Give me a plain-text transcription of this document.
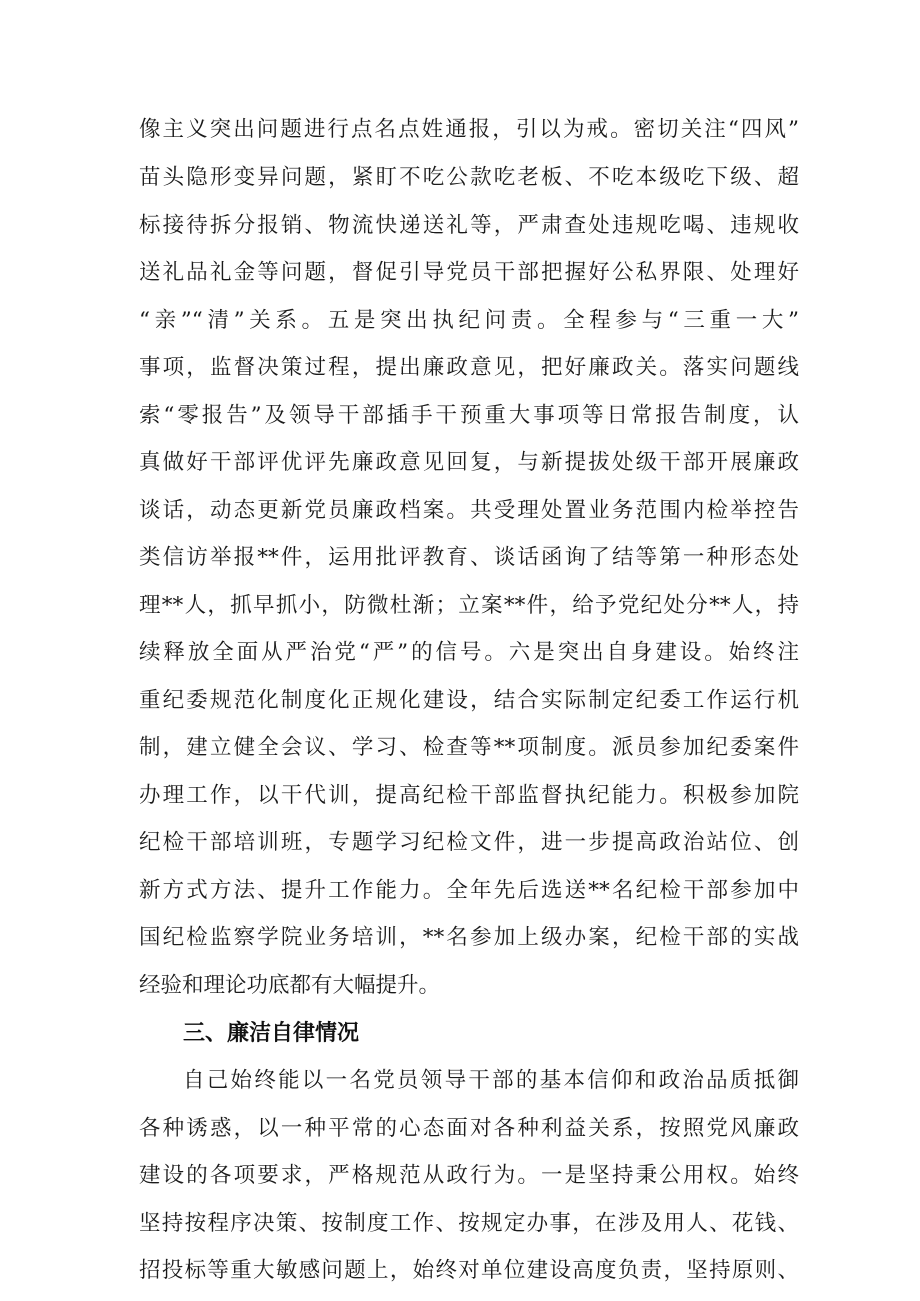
像主义突出问题进行点名点姓通报，引以为戒。密切关注“四风”
苗头隐形变异问题，紧盯不吃公款吃老板、不吃本级吃下级、超
标接待拆分报销、物流快递送礼等，严肃查处违规吃喝、违规收
送礼品礼金等问题，督促引导党员干部把握好公私界限、处理好
“亲”“清”关系。五是突出执纪问责。全程参与“三重一大”
事项，监督决策过程，提出廉政意见，把好廉政关。落实问题线
索“零报告”及领导干部插手干预重大事项等日常报告制度，认
真做好干部评优评先廉政意见回复，与新提拔处级干部开展廉政
谈话，动态更新党员廉政档案。共受理处置业务范围内检举控告
类信访举报**件，运用批评教育、谈话函询了结等第一种形态处
理**人，抓早抓小，防微杜渐；立案**件，给予党纪处分**人，持
续释放全面从严治党“严”的信号。六是突出自身建设。始终注
重纪委规范化制度化正规化建设，结合实际制定纪委工作运行机
制，建立健全会议、学习、检查等**项制度。派员参加纪委案件
办理工作，以干代训，提高纪检干部监督执纪能力。积极参加院
纪检干部培训班，专题学习纪检文件，进一步提高政治站位、创
新方式方法、提升工作能力。全年先后选送**名纪检干部参加中
国纪检监察学院业务培训，**名参加上级办案，纪检干部的实战
经验和理论功底都有大幅提升。
三、廉洁自律情况
自己始终能以一名党员领导干部的基本信仰和政治品质抵御
各种诱惑，以一种平常的心态面对各种利益关系，按照党风廉政
建设的各项要求，严格规范从政行为。一是坚持秉公用权。始终
坚持按程序决策、按制度工作、按规定办事，在涉及用人、花钱、
招投标等重大敏感问题上，始终对单位建设高度负责，坚持原则、
